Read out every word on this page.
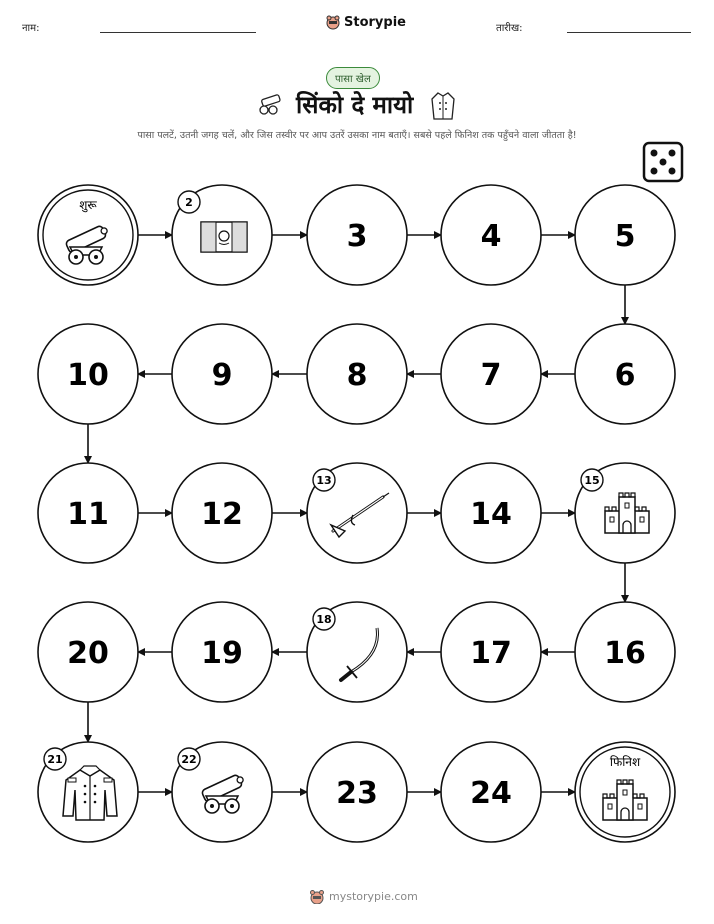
नाम:	Storypie	तारीख:
पासा खेल
सिंको दे मायो
पासा पलटें, उतनी जगह चलें, और जिस तस्वीर पर आप उतरें उसका नाम बताएँ। सबसे पहले फिनिश तक पहुँचने वाला जीतता है!
शुरू	2
3	4	5
6
7
8
9
10
11	12
13
14
15
16
17
18
19
20
21	22
23	24
फिनिश
mystorypie.com
